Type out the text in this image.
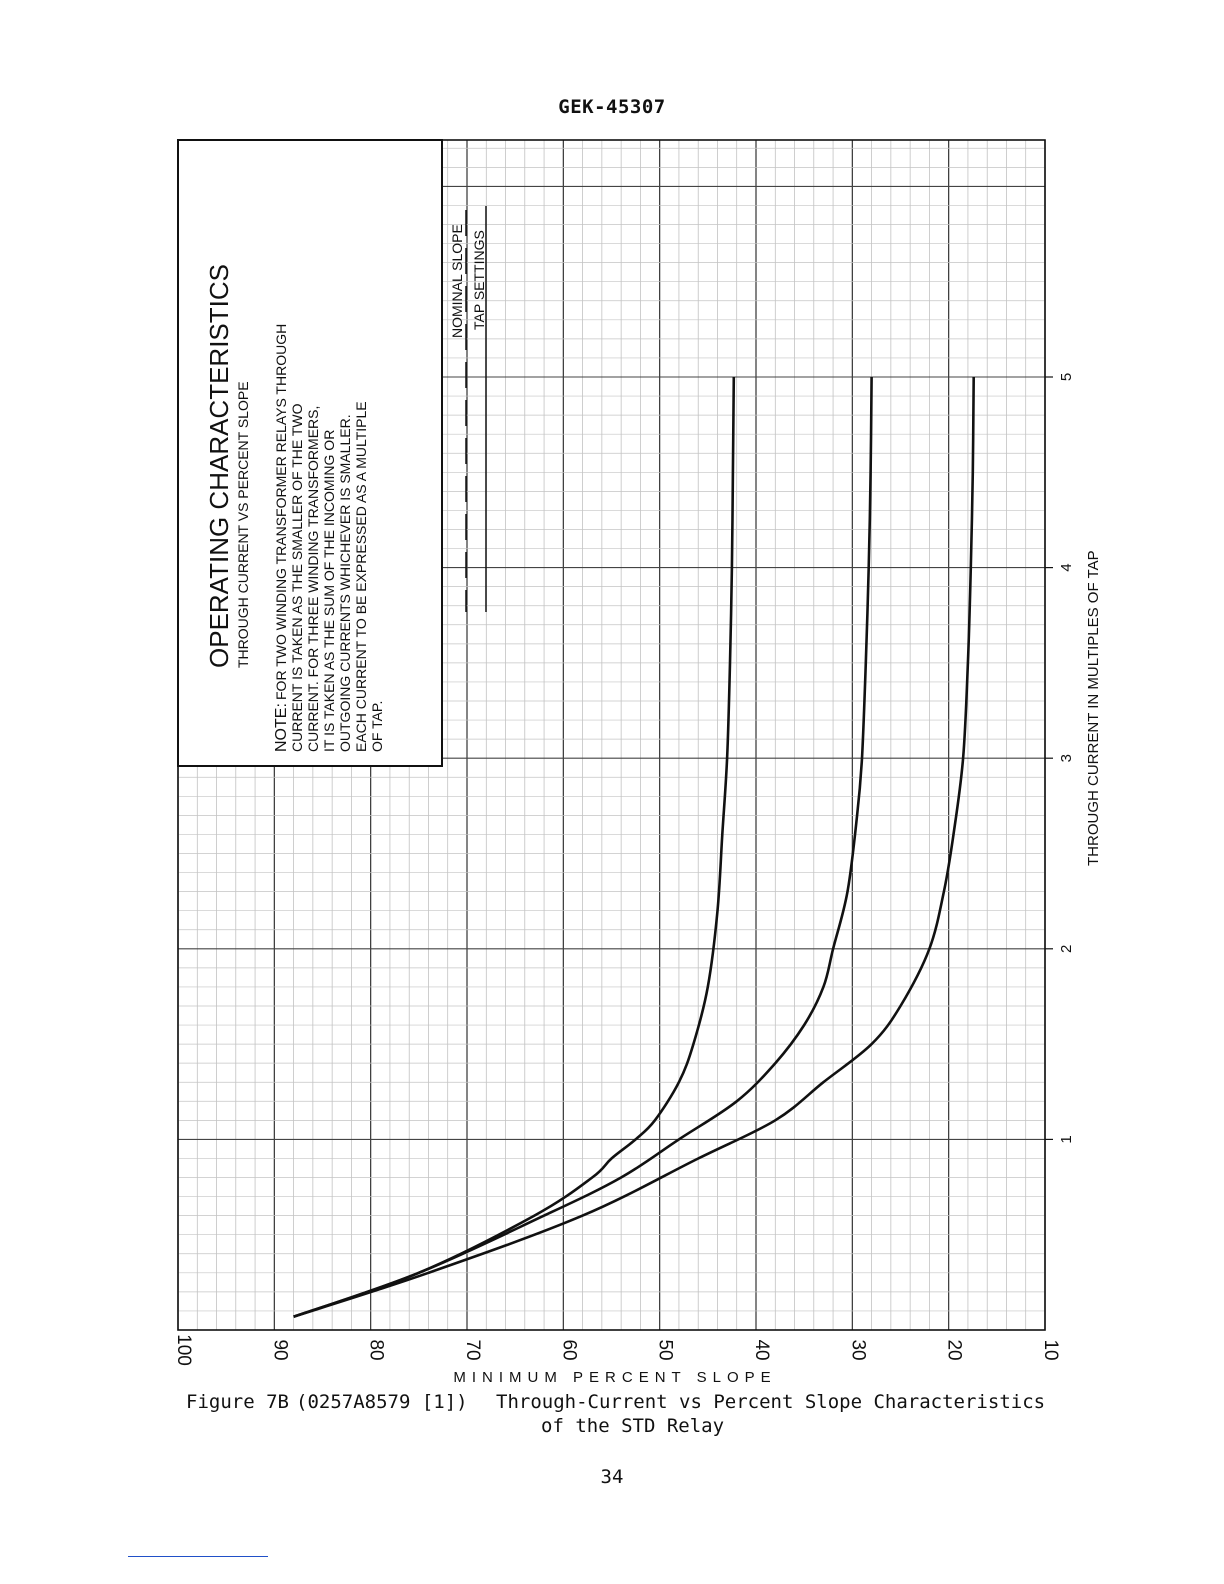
GEK-45307
OPERATING CHARACTERISTICS THROUGH CURRENT VS PERCENT SLOPE
NOTE:
FOR TWO WINDING TRANSFORMER RELAYS THROUGH CURRENT IS TAKEN AS THE SMALLER OF THE TWO CURRENT. FOR THREE WINDING TRANSFORMERS, IT IS TAKEN AS THE SUM OF THE INCOMING OR OUTGOING CURRENTS WHICHEVER IS SMALLER. EACH CURRENT TO BE EXPRESSED AS A MULTIPLE OF TAP.
NOMINAL SLOPE TAP SETTINGS
1
2
3
4
5
100	90	80	70	60	50	40	30	20	10
THROUGH CURRENT IN MULTIPLES OF TAP
MINIMUM PERCENT SLOPE
Figure 7B (0257A8579 [1]) Through-Current vs Percent Slope Characteristics
of the STD Relay
34
